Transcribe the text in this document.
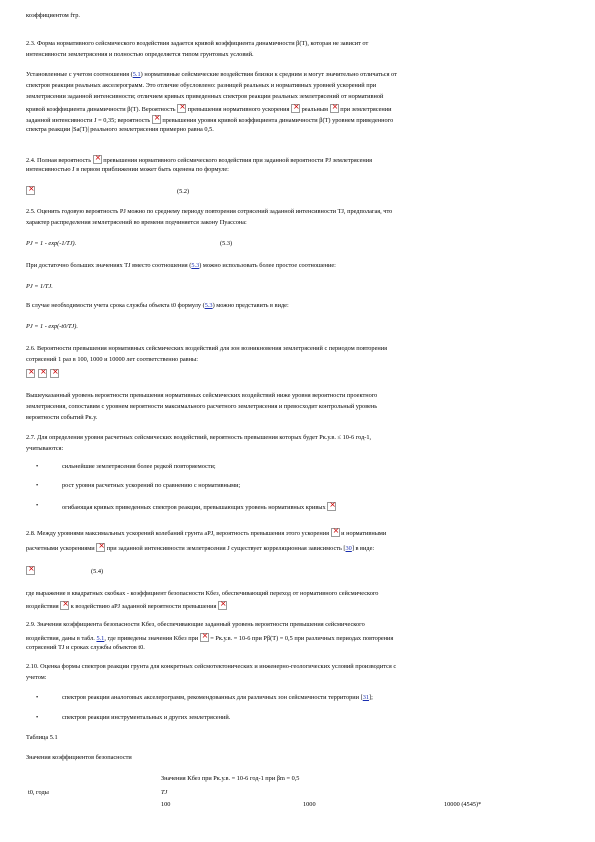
коэффициентом fтр.
2.3. Форма нормативного сейсмического воздействия задается кривой коэффициента динамичности β(T), которая не зависит от
интенсивности землетрясения и полностью определяется типом грунтовых условий.
Установленные с учетом соотношения (5.1) нормативные сейсмические воздействия близки к средним и могут значительно отличаться от
спектров реакции реальных акселерограмм. Это отличие обусловлено: разницей реальных и нормативных уровней ускорений при
землетрясении заданной интенсивности; отличием кривых приведенных спектров реакции реальных землетрясений от нормативной
кривой коэффициента динамичности β(T). Вероятность × превышения нормативного ускорения × реальным × при землетрясении
заданной интенсивности J = 0,35; вероятность × превышения уровня кривой коэффициента динамичности β(T) уровнем приведенного
спектра реакции |Sa(T)| реального землетрясения примерно равна 0,5.
2.4. Полная вероятность × превышения нормативного сейсмического воздействия при заданной вероятности PJ землетрясения
интенсивностью J в первом приближении может быть оценена по формуле:
×(5.2)
2.5. Оценить годовую вероятность PJ можно по среднему периоду повторения сотрясений заданной интенсивности TJ, предполагая, что
характер распределения землетрясений во времени подчиняется закону Пуассона:
PJ = 1 - exp(-1/TJ).	(5.3)
При достаточно больших значениях TJ вместо соотношения (5.3) можно использовать более простое соотношение:
PJ = 1/TJ.
В случае необходимости учета срока службы объекта t0 формулу (5.3) можно представить в виде:
PJ = 1 - exp(-t0/TJ).
2.6. Вероятности превышения нормативных сейсмических воздействий для зон возникновения землетрясений с периодом повторения
сотрясений 1 раз в 100, 1000 и 10000 лет соответственно равны:
×××
Вышеуказанный уровень вероятности превышения нормативных сейсмических воздействий ниже уровня вероятности проектного
землетрясения, сопоставим с уровнем вероятности максимального расчетного землетрясения и превосходит контрольный уровень
вероятности событий Pк.у.
2.7. Для определения уровня расчетных сейсмических воздействий, вероятность превышения которых будет Pк.у.в. ≤ 10-6 год-1,
учитываются:
•	сильнейшие землетрясения более редкой повторяемости;
•	рост уровня расчетных ускорений по сравнению с нормативными;
•	огибающая кривых приведенных спектров реакции, превышающих уровень нормативных кривых ×
2.8. Между уровнями максимальных ускорений колебаний грунта aPJ, вероятность превышения этого ускорения × и нормативными
расчетными ускорениями × при заданной интенсивности землетрясения J существует корреляционная зависимость [30] в виде:
×(5.4)
где выражение в квадратных скобках - коэффициент безопасности Kбез, обеспечивающий переход от нормативного сейсмического
воздействия × к воздействию aPJ заданной вероятности превышения ×
2.9. Значения коэффициента безопасности Kбез, обеспечивающие заданный уровень вероятности превышения сейсмического
воздействия, даны в табл. 5.1, где приведены значения Kбез при × = Pк.у.в. = 10-6 при Pβ(T) = 0,5 при различных периодах повторения
сотрясений TJ и сроках службы объектов t0.
2.10. Оценка формы спектров реакции грунта для конкретных сейсмотектонических и инженерно-геологических условий производится с
учетом:
•	спектров реакции аналоговых акселерограмм, рекомендованных для различных зон сейсмичности территории [31];
•	спектров реакции инструментальных и других землетрясений.
Таблица 5.1
Значения коэффициентов безопасности
Значения Kбез при Pк.у.в. = 10-6 год-1 при βm = 0,5
t0, годы	TJ
100	1000	10000 (4545)*
